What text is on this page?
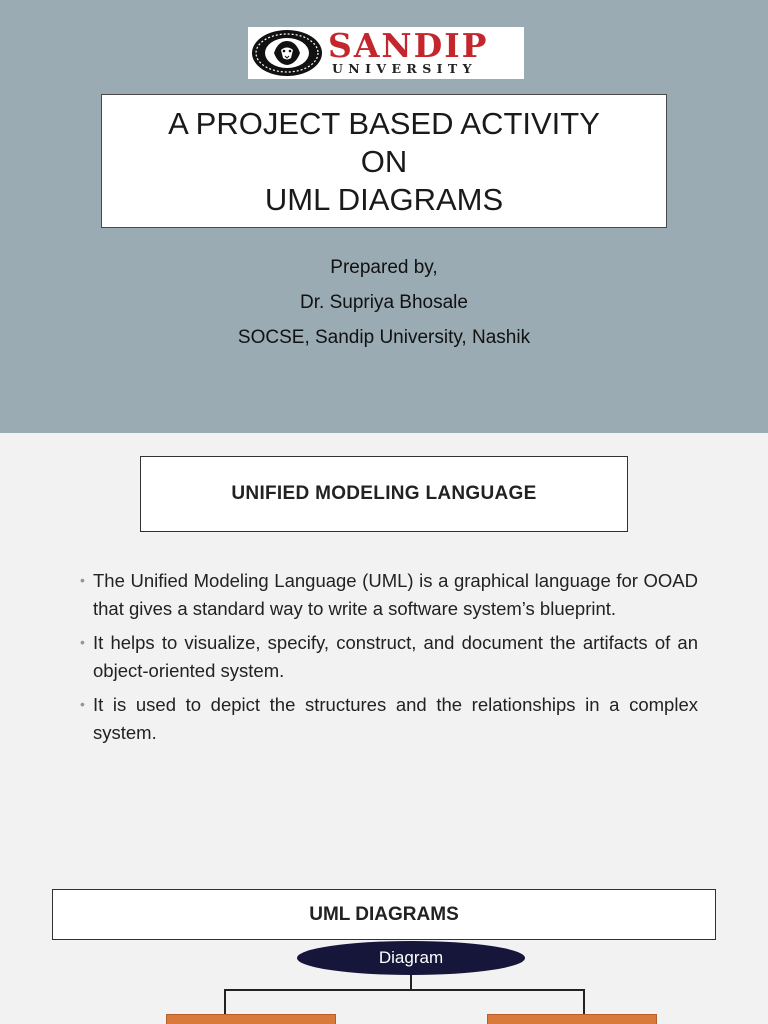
SANDIP
UNIVERSITY
A PROJECT BASED ACTIVITY
ON
UML DIAGRAMS
Prepared by,
Dr. Supriya Bhosale
SOCSE, Sandip University, Nashik
UNIFIED MODELING LANGUAGE
• The Unified Modeling Language (UML) is a graphical language for OOAD that gives a standard way to write a software system’s blueprint.
• It helps to visualize, specify, construct, and document the artifacts of an object-oriented system.
• It is used to depict the structures and the relationships in a complex system.
UML DIAGRAMS
Diagram
